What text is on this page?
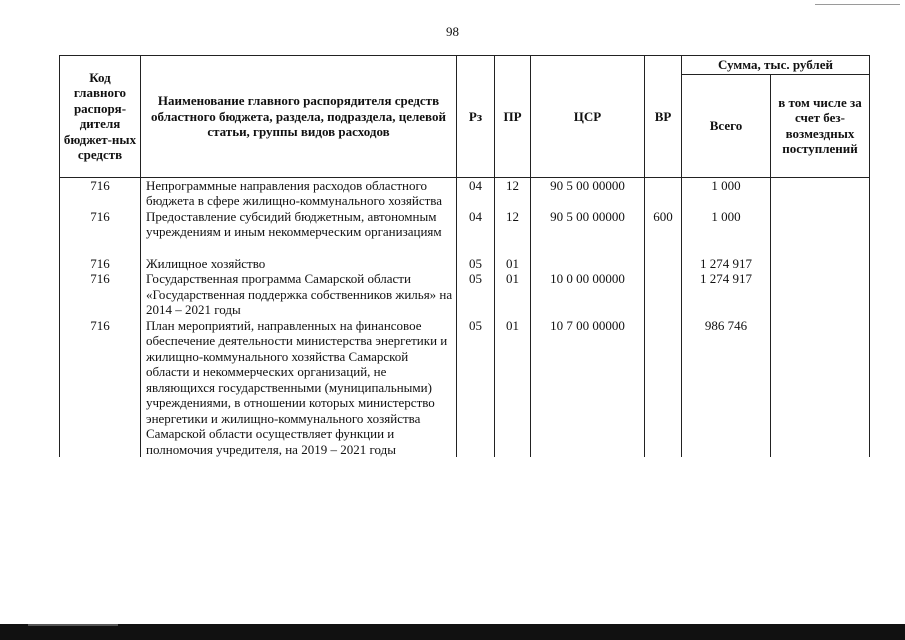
98
Код главного распоря-дителя бюджет-ных средств	Наименование главного распорядителя средств областного бюджета, раздела, подраздела, целевой статьи, группы видов расходов	Рз	ПР	ЦСР	ВР	Сумма, тыс. рублей	
						Всего	в том числе за счет без-возмездных поступлений
716	Непрограммные направления расходов областного бюджета в сфере жилищно-коммунального хозяйства	04	12	90 5 00 00000		1 000	
716	Предоставление субсидий бюджетным, автономным учреждениям и иным некоммерческим организациям	04	12	90 5 00 00000	600	1 000	

716	Жилищное хозяйство	05	01			1 274 917	
716	Государственная программа Самарской области «Государственная поддержка собственников жилья» на 2014 – 2021 годы	05	01	10 0 00 00000		1 274 917	
716	План мероприятий, направленных на финансовое обеспечение деятельности министерства энергетики и жилищно-коммунального хозяйства Самарской области и некоммерческих организаций, не являющихся государственными (муниципальными) учреждениями, в отношении которых министерство энергетики и жилищно-коммунального хозяйства Самарской области осуществляет функции и полномочия учредителя, на 2019 – 2021 годы	05	01	10 7 00 00000		986 746	
